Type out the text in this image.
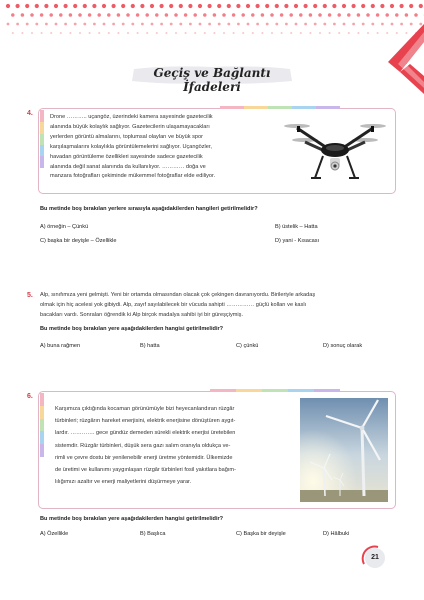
Geçiş ve Bağlantı İfadeleri
4.	Drone ……….. uçangöz, üzerindeki kamera sayesinde gazetecilik
alanında büyük kolaylık sağlıyor. Gazetecilerin ulaşamayacakları
yerlerden görüntü almalarını, toplumsal olayları ve büyük spor
karşılaşmalarını kolaylıkla görüntülemelerini sağlıyor. Uçangözler,
havadan görüntüleme özellikleri sayesinde sadece gazetecilik
alanında değil sanat alanında da kullanılıyor. ………… doğa ve
manzara fotoğrafları çekiminde mükemmel fotoğraflar elde ediliyor.
Bu metinde boş bırakılan yerlere sırasıyla aşağıdakilerden hangileri getirilmelidir?
A) örneğin – Çünkü	B) üstelik – Hatta
C) başka bir deyişle – Özellikle	D) yani - Kısacası
5. Alp, sınıfımıza yeni gelmişti. Yeni bir ortamda olmasından olacak çok çekingen davranıyordu. Birileriyle arkadaş
olmak için hiç acelesi yok gibiydi. Alp, zayıf sayılabilecek bir vücuda sahipti …………… güçlü kolları ve kaslı
bacakları vardı. Sonraları öğrendik ki Alp birçok madalya sahibi iyi bir güreşçiymiş.
Bu metinde boş bırakılan yere aşağıdakilerden hangisi getirilmelidir?
A) buna rağmen	B) hatta	C) çünkü	D) sonuç olarak
6.
Karşımıza çıktığında kocaman görünümüyle bizi heyecanlandıran rüzgâr
türbinleri; rüzgârın hareket enerjisini, elektrik enerjisine dönüştüren aygıt-
lardır. …………. gece gündüz demeden sürekli elektrik enerjisi üretebilen
sistemdir. Rüzgâr türbinleri, düşük sera gazı salım oranıyla oldukça ve-
rimli ve çevre dostu bir yenilenebilir enerji üretme yöntemidir. Ülkemizde
de üretimi ve kullanımı yaygınlaşan rüzgâr türbinleri fosil yakıtlara bağım-
lılığımızı azaltır ve enerji maliyetlerini düşürmeye yarar.
Bu metinde boş bırakılan yere aşağıdakilerden hangisi getirilmelidir?
A) Özellikle	B) Başlıca	C) Başka bir deyişle	D) Hâlbuki
21
